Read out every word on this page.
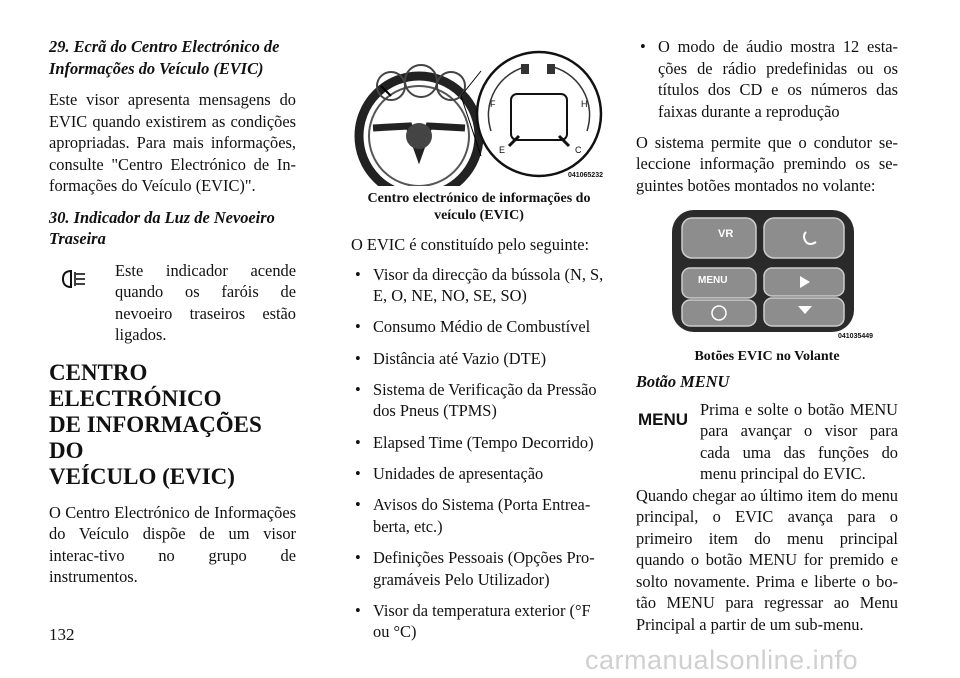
29. Ecrã do Centro Electrónico de Informações do Veículo (EVIC)

Este visor apresenta mensagens do EVIC quando existirem as condições apropriadas. Para mais informações, consulte "Centro Electrónico de In-formações do Veículo (EVIC)".

30. Indicador da Luz de Nevoeiro Traseira

Este indicador acende quando os faróis de nevoeiro traseiros estão ligados.
CENTRO ELECTRÓNICO
DE INFORMAÇÕES DO
VEÍCULO (EVIC)

O Centro Electrónico de Informações do Veículo dispõe de um visor interac-tivo no grupo de instrumentos.

F
E
H
C
041065232
Centro electrónico de informações do veículo (EVIC)

O EVIC é constituído pelo seguinte:

• Visor da direcção da bússola (N, S, E, O, NE, NO, SE, SO)
• Consumo Médio de Combustível
• Distância até Vazio (DTE)
• Sistema de Verificação da Pressão dos Pneus (TPMS)
• Elapsed Time (Tempo Decorrido)
• Unidades de apresentação
• Avisos do Sistema (Porta Entrea-berta, etc.)
• Definições Pessoais (Opções Pro-gramáveis Pelo Utilizador)
• Visor da temperatura exterior (°F ou °C)
• O modo de áudio mostra 12 esta-ções de rádio predefinidas ou os títulos dos CD e os números das faixas durante a reprodução

O sistema permite que o condutor se-leccione informação premindo os se-guintes botões montados no volante:

VR
MENU
041035449
Botões EVIC no Volante

Botão MENU

MENU
Prima e solte o botão MENU para avançar o visor para cada uma das funções do menu principal do EVIC.

Quando chegar ao último item do menu principal, o EVIC avança para o primeiro item do menu principal quando o botão MENU for premido e solto novamente. Prima e liberte o bo-tão MENU para regressar ao Menu Principal a partir de um sub-menu.

132
carmanualsonline.info
